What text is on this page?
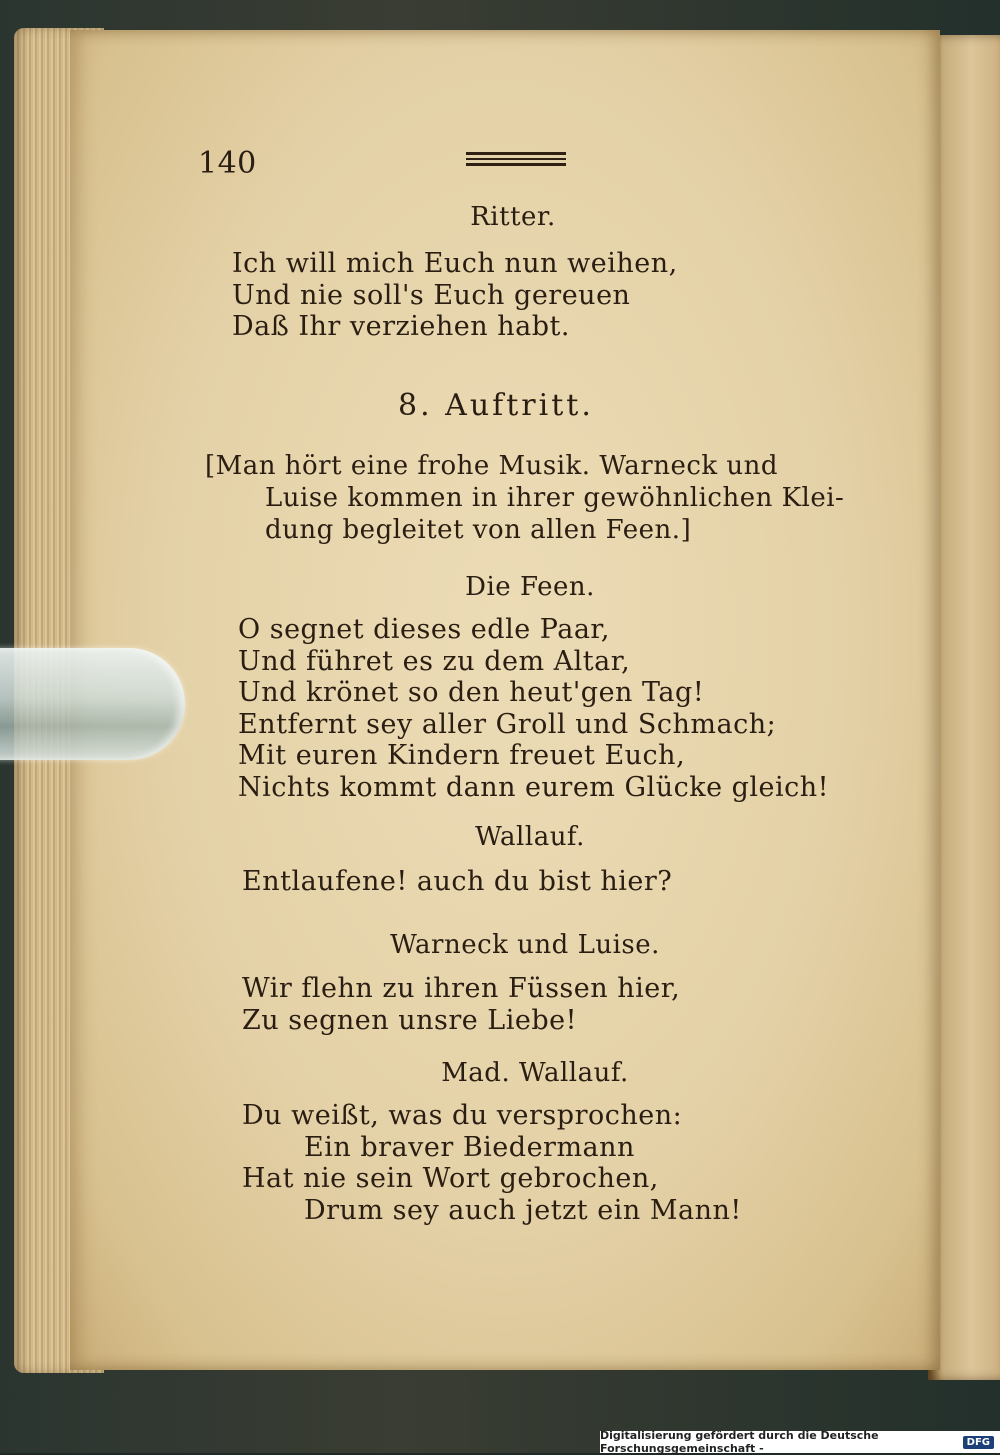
140
Ritter.
Ich will mich Euch nun weihen,
Und nie soll's Euch gereuen
Daß Ihr verziehen habt.
8. Auftritt.
[Man hört eine frohe Musik. Warneck und
Luise kommen in ihrer gewöhnlichen Klei-
dung begleitet von allen Feen.]
Die Feen.
O segnet dieses edle Paar,
Und führet es zu dem Altar,
Und krönet so den heut'gen Tag!
Entfernt sey aller Groll und Schmach;
Mit euren Kindern freuet Euch,
Nichts kommt dann eurem Glücke gleich!
Wallauf.
Entlaufene! auch du bist hier?
Warneck und Luise.
Wir flehn zu ihren Füssen hier,
Zu segnen unsre Liebe!
Mad. Wallauf.
Du weißt, was du versprochen:
Ein braver Biedermann
Hat nie sein Wort gebrochen,
Drum sey auch jetzt ein Mann!
Digitalisierung gefördert durch die Deutsche Forschungsgemeinschaft -	DFG
